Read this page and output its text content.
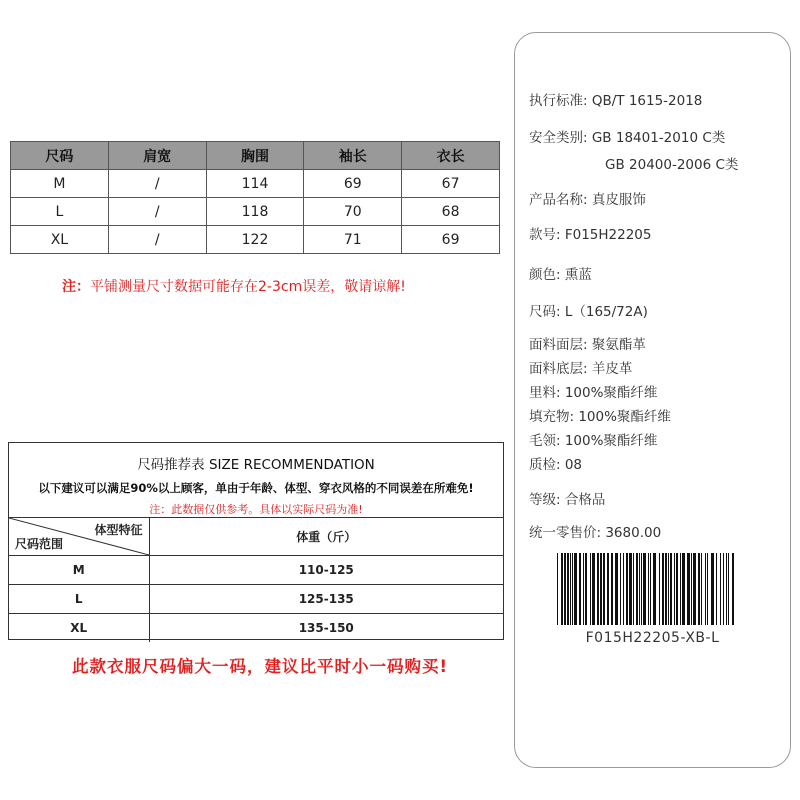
尺码	肩宽	胸围	袖长	衣长
M	/	114	69	67
L	/	118	70	68
XL	/	122	71	69
注：平铺测量尺寸数据可能存在2-3cm误差，敬请谅解!
尺码推荐表 SIZE RECOMMENDATION
以下建议可以满足90%以上顾客，单由于年龄、体型、穿衣风格的不同误差在所难免!
注：此数据仅供参考。具体以实际尺码为准!
体型特征
尺码范围	体重（斤）
M	110-125
L	125-135
XL	135-150
此款衣服尺码偏大一码，建议比平时小一码购买!
执行标准: QB/T 1615-2018
安全类别: GB 18401-2010 C类
GB 20400-2006 C类
产品名称: 真皮服饰
款号: F015H22205
颜色: 熏蓝
尺码: L（165/72A)
面料面层: 聚氨酯革
面料底层: 羊皮革
里料: 100%聚酯纤维
填充物: 100%聚酯纤维
毛领: 100%聚酯纤维
质检: 08
等级: 合格品
统一零售价: 3680.00
F015H22205-XB-L
